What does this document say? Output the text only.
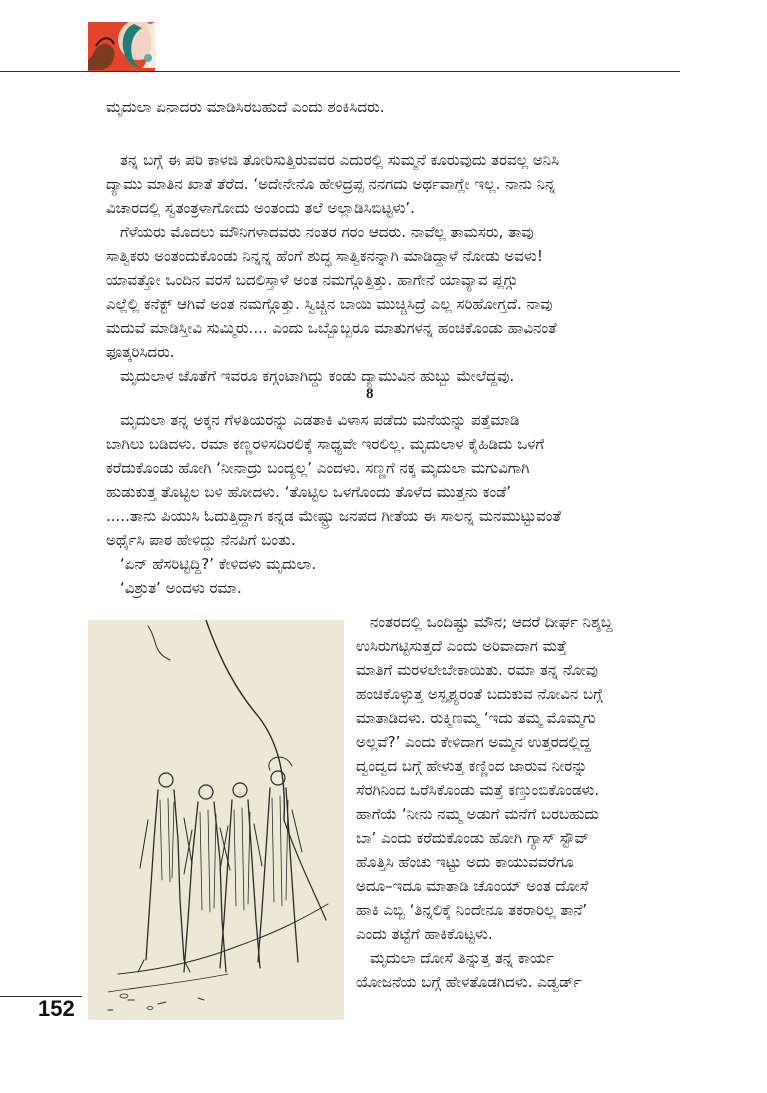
ಮೃದುಲಾ ಏನಾದರು ಮಾಡಿಸಿರಬಹುದೆ ಎಂದು ಶಂಕಿಸಿದರು.
ತನ್ನ ಬಗ್ಗೆ ಈ ಪರಿ ಕಾಳಜಿ ತೋರಿಸುತ್ತಿರುವವರ ಎದುರಲ್ಲಿ ಸುಮ್ಮನೆ ಕೂರುವುದು ತರವಲ್ಲ ಅನಿಸಿ
ದ್ಯಾಮು ಮಾತಿನ ಖಾತೆ ತೆರೆದ. ‘ಅದೇನೇನೊ ಹೇಳಿದ್ರಪ್ಪ ನನಗದು ಅರ್ಥವಾಗ್ಲೇ ಇಲ್ಲ. ನಾನು ನಿನ್ನ
ವಿಚಾರದಲ್ಲಿ ಸ್ವತಂತ್ರಳಾಗೋದು ಅಂತಂದು ತಲೆ ಅಲ್ಲಾಡಿಸಿಬಿಟ್ಟಳು’.
ಗೆಳೆಯರು ಮೊದಲು ಮೌನಿಗಳಾದವರು ನಂತರ ಗರಂ ಆದರು. ನಾವೆಲ್ಲ ತಾಮಸರು, ತಾವು
ಸಾತ್ವಿಕರು ಅಂತಂದುಕೊಂಡು ನಿನ್ನನ್ನ ಹೆಂಗೆ ಶುದ್ಧ ಸಾತ್ವಿಕನನ್ನಾಗಿ ಮಾಡಿದ್ದಾಳೆ ನೋಡು ಅವಳು!
ಯಾವತ್ತೋ ಒಂದಿನ ವರಸೆ ಬದಲಿಸ್ತಾಳೆ ಅಂತ ನಮಗ್ಗೊತ್ತಿತ್ತು. ಹಾಗೇನೆ ಯಾವ್ಯಾವ ಪ್ಲಗ್ಗು
ಎಲ್ಲೆಲ್ಲಿ ಕನೆಕ್ಟ್ ಆಗಿವೆ ಅಂತ ನಮಗ್ಗೊತ್ತು. ಸ್ವಿಚ್ಚಿನ ಬಾಯಿ ಮುಚ್ಚಿಸಿದ್ರೆ ಎಲ್ಲ ಸರಿಹೋಗ್ತದೆ. ನಾವು
ಮದುವೆ ಮಾಡಿಸ್ತೀವಿ ಸುಮ್ಮಿರು.... ಎಂದು ಒಬ್ಬೊಬ್ಬರೂ ಮಾತುಗಳನ್ನ ಹಂಚಿಕೊಂಡು ಹಾವಿನಂತೆ
ಫೂತ್ಕರಿಸಿದರು.
ಮೃದುಲಾಳ ಜೊತೆಗೆ ಇವರೂ ಕಗ್ಗಂಟಾಗಿದ್ದು ಕಂಡು ದ್ಯಾಮುವಿನ ಹುಬ್ಬು ಮೇಲೆದ್ದವು.
8
ಮೃದುಲಾ ತನ್ನ ಅಕ್ಕನ ಗೆಳತಿಯರನ್ನು ಎಡತಾಕಿ ವಿಳಾಸ ಪಡೆದು ಮನೆಯನ್ನು ಪತ್ತೆಮಾಡಿ
ಬಾಗಿಲು ಬಡಿದಳು. ರಮಾ ಕಣ್ಣರಳಿಸದಿರಲಿಕ್ಕೆ ಸಾಧ್ಯವೇ ಇರಲಿಲ್ಲ. ಮೃದುಲಾಳ ಕೈಹಿಡಿದು ಒಳಗೆ
ಕರೆದುಕೊಂಡು ಹೋಗಿ ‘ನೀನಾದ್ರು ಬಂದ್ಯಲ್ಲ’ ಎಂದಳು. ಸಣ್ಣಗೆ ನಕ್ಕ ಮೃದುಲಾ ಮಗುವಿಗಾಗಿ
ಹುಡುಕುತ್ತ ತೊಟ್ಟಿಲ ಬಳಿ ಹೋದಳು. ‘ತೊಟ್ಟಿಲ ಒಳಗೊಂದು ತೊಳೆದ ಮುತ್ತನು ಕಂಡೆ’
.....ತಾನು ಪಿಯುಸಿ ಓದುತ್ತಿದ್ದಾಗ ಕನ್ನಡ ಮೇಷ್ಟ್ರು ಜನಪದ ಗೀತೆಯ ಈ ಸಾಲನ್ನ ಮನಮುಟ್ಟುವಂತೆ
ಅರ್ಥೈಸಿ ಪಾಠ ಹೇಳಿದ್ದು ನೆನಪಿಗೆ ಬಂತು.
‘ಏನ್ ಹೆಸರಿಟ್ಟಿದ್ದಿ?’ ಕೇಳಿದಳು ಮೃದುಲಾ.
‘ವಿಶ್ರುತ’ ಅಂದಳು ರಮಾ.
ನಂತರದಲ್ಲಿ ಒಂದಿಷ್ಟು ಮೌನ; ಆದರೆ ದೀರ್ಘ ನಿಶ್ಶಬ್ದ
ಉಸಿರುಗಟ್ಟಿಸುತ್ತದೆ ಎಂದು ಅರಿವಾದಾಗ ಮತ್ತೆ
ಮಾತಿಗೆ ಮರಳಲೇಬೇಕಾಯಿತು. ರಮಾ ತನ್ನ ನೋವು
ಹಂಚಿಕೊಳ್ಳುತ್ತ ಅಸ್ಪೃಶ್ಯರಂತೆ ಬದುಕುವ ನೋವಿನ ಬಗ್ಗೆ
ಮಾತಾಡಿದಳು. ರುಕ್ಮಿಣಮ್ಮ ‘ಇದು ತಮ್ಮ ಮೊಮ್ಮಗು
ಅಲ್ಲವೆ?’ ಎಂದು ಕೇಳಿದಾಗ ಅಮ್ಮನ ಉತ್ತರದಲ್ಲಿದ್ದ
ದ್ವಂದ್ವದ ಬಗ್ಗೆ ಹೇಳುತ್ತ ಕಣ್ಣಿಂದ ಜಾರುವ ನೀರನ್ನು
ಸೆರಗಿನಿಂದ ಒರೆಸಿಕೊಂಡು ಮತ್ತೆ ಕಣ್ತುಂಬಿಕೊಂಡಳು.
ಹಾಗೆಯೆ ‘ನೀನು ನಮ್ಮ ಅಡುಗೆ ಮನೆಗೆ ಬರಬಹುದು
ಬಾ’ ಎಂದು ಕರೆದುಕೊಂಡು ಹೋಗಿ ಗ್ಯಾಸ್ ಸ್ಟೌವ್
ಹೊತ್ತಿಸಿ ಹೆಂಚು ಇಟ್ಟು ಅದು ಕಾಯುವವರೆಗೂ
ಅದೂ–ಇದೂ ಮಾತಾಡಿ ಚೊಂಯ್ ಅಂತ ದೋಸೆ
ಹಾಕಿ ಎಬ್ಬಿ ‘ತಿನ್ನಲಿಕ್ಕೆ ನಿಂದೇನೂ ತಕರಾರಿಲ್ಲ ತಾನೆ’
ಎಂದು ತಟ್ಟೆಗೆ ಹಾಕಿಕೊಟ್ಟಳು.
ಮೃದುಲಾ ದೋಸೆ ತಿನ್ನುತ್ತ ತನ್ನ ಕಾರ್ಯ
ಯೋಜನೆಯ ಬಗ್ಗೆ ಹೇಳತೊಡಗಿದಳು. ಎಡ್ವರ್ಡ್
152
